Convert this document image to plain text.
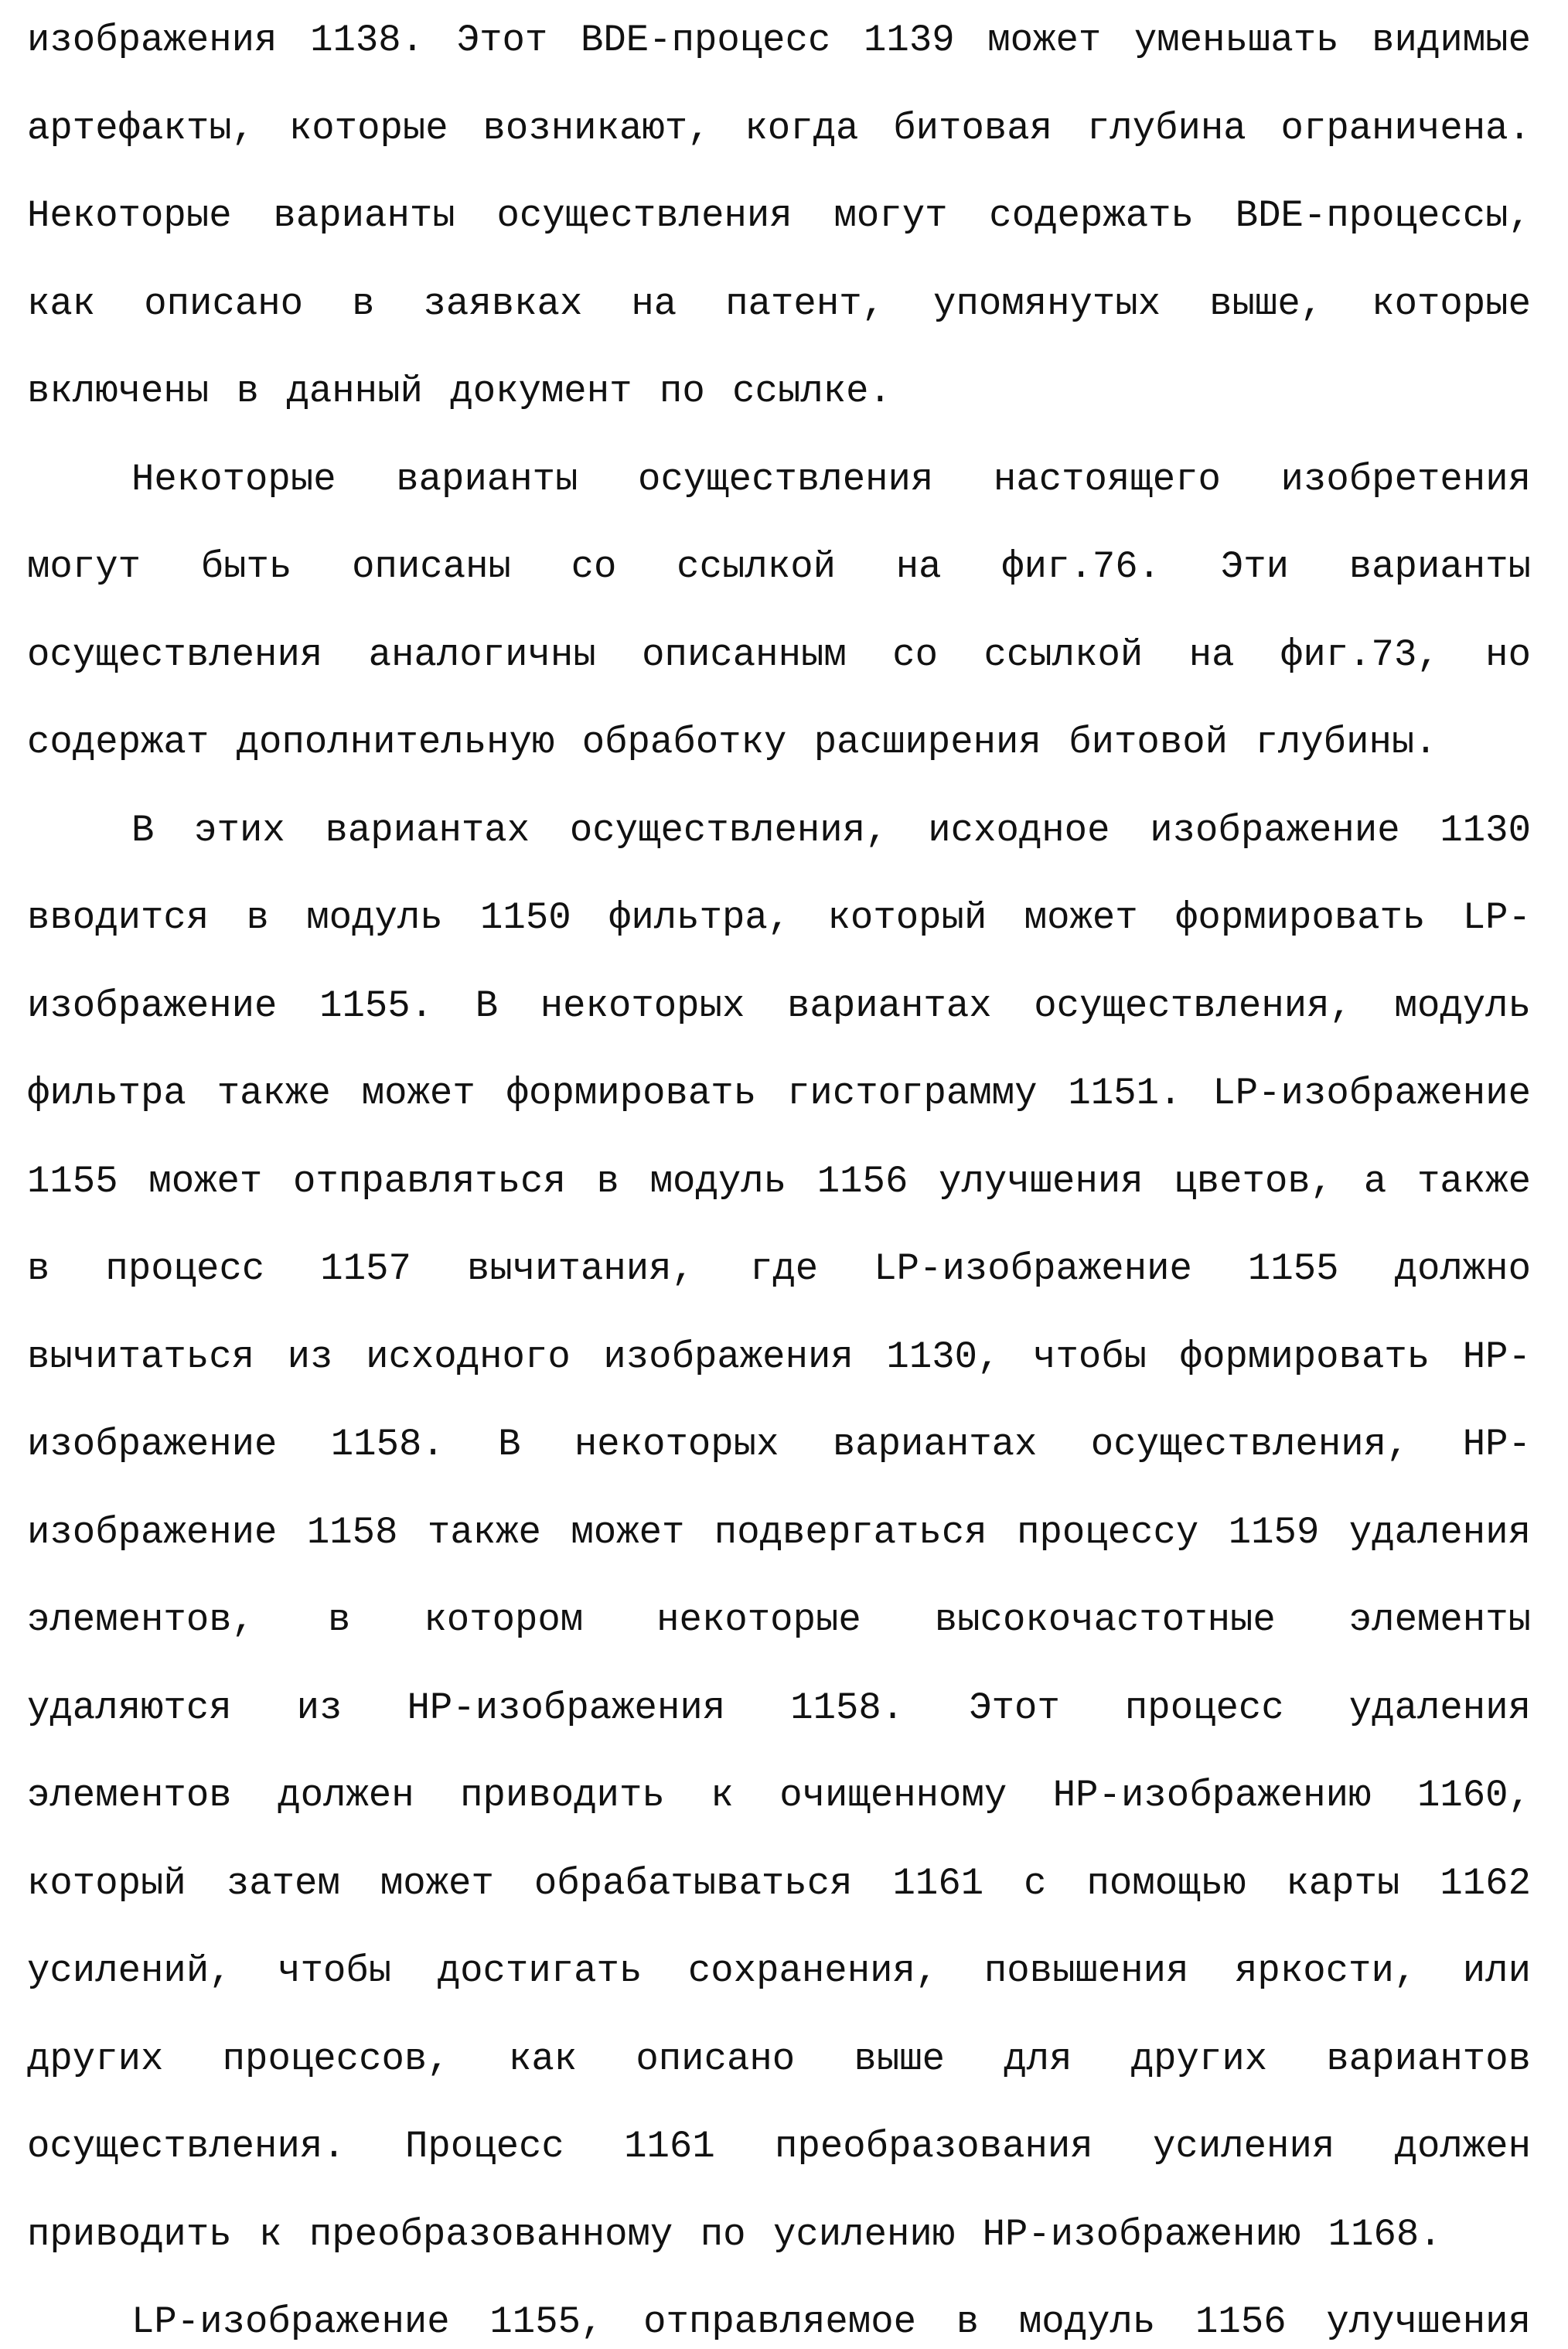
изображения 1138. Этот BDE-процесс 1139 может уменьшать видимые
артефакты, которые возникают, когда битовая глубина ограничена.
Некоторые варианты осуществления могут содержать BDE-процессы,
как описано в заявках на патент, упомянутых выше, которые
включены в данный документ по ссылке.
Некоторые варианты осуществления настоящего изобретения
могут быть описаны со ссылкой на фиг.76. Эти варианты
осуществления аналогичны описанным со ссылкой на фиг.73, но
содержат дополнительную обработку расширения битовой глубины.
В этих вариантах осуществления, исходное изображение 1130
вводится в модуль 1150 фильтра, который может формировать LP-
изображение 1155. В некоторых вариантах осуществления, модуль
фильтра также может формировать гистограмму 1151. LP-изображение
1155 может отправляться в модуль 1156 улучшения цветов, а также
в процесс 1157 вычитания, где LP-изображение 1155 должно
вычитаться из исходного изображения 1130, чтобы формировать HP-
изображение 1158. В некоторых вариантах осуществления, HP-
изображение 1158 также может подвергаться процессу 1159 удаления
элементов, в котором некоторые высокочастотные элементы
удаляются из HP-изображения 1158. Этот процесс удаления
элементов должен приводить к очищенному HP-изображению 1160,
который затем может обрабатываться 1161 с помощью карты 1162
усилений, чтобы достигать сохранения, повышения яркости, или
других процессов, как описано выше для других вариантов
осуществления. Процесс 1161 преобразования усиления должен
приводить к преобразованному по усилению HP-изображению 1168.
LP-изображение 1155, отправляемое в модуль 1156 улучшения
